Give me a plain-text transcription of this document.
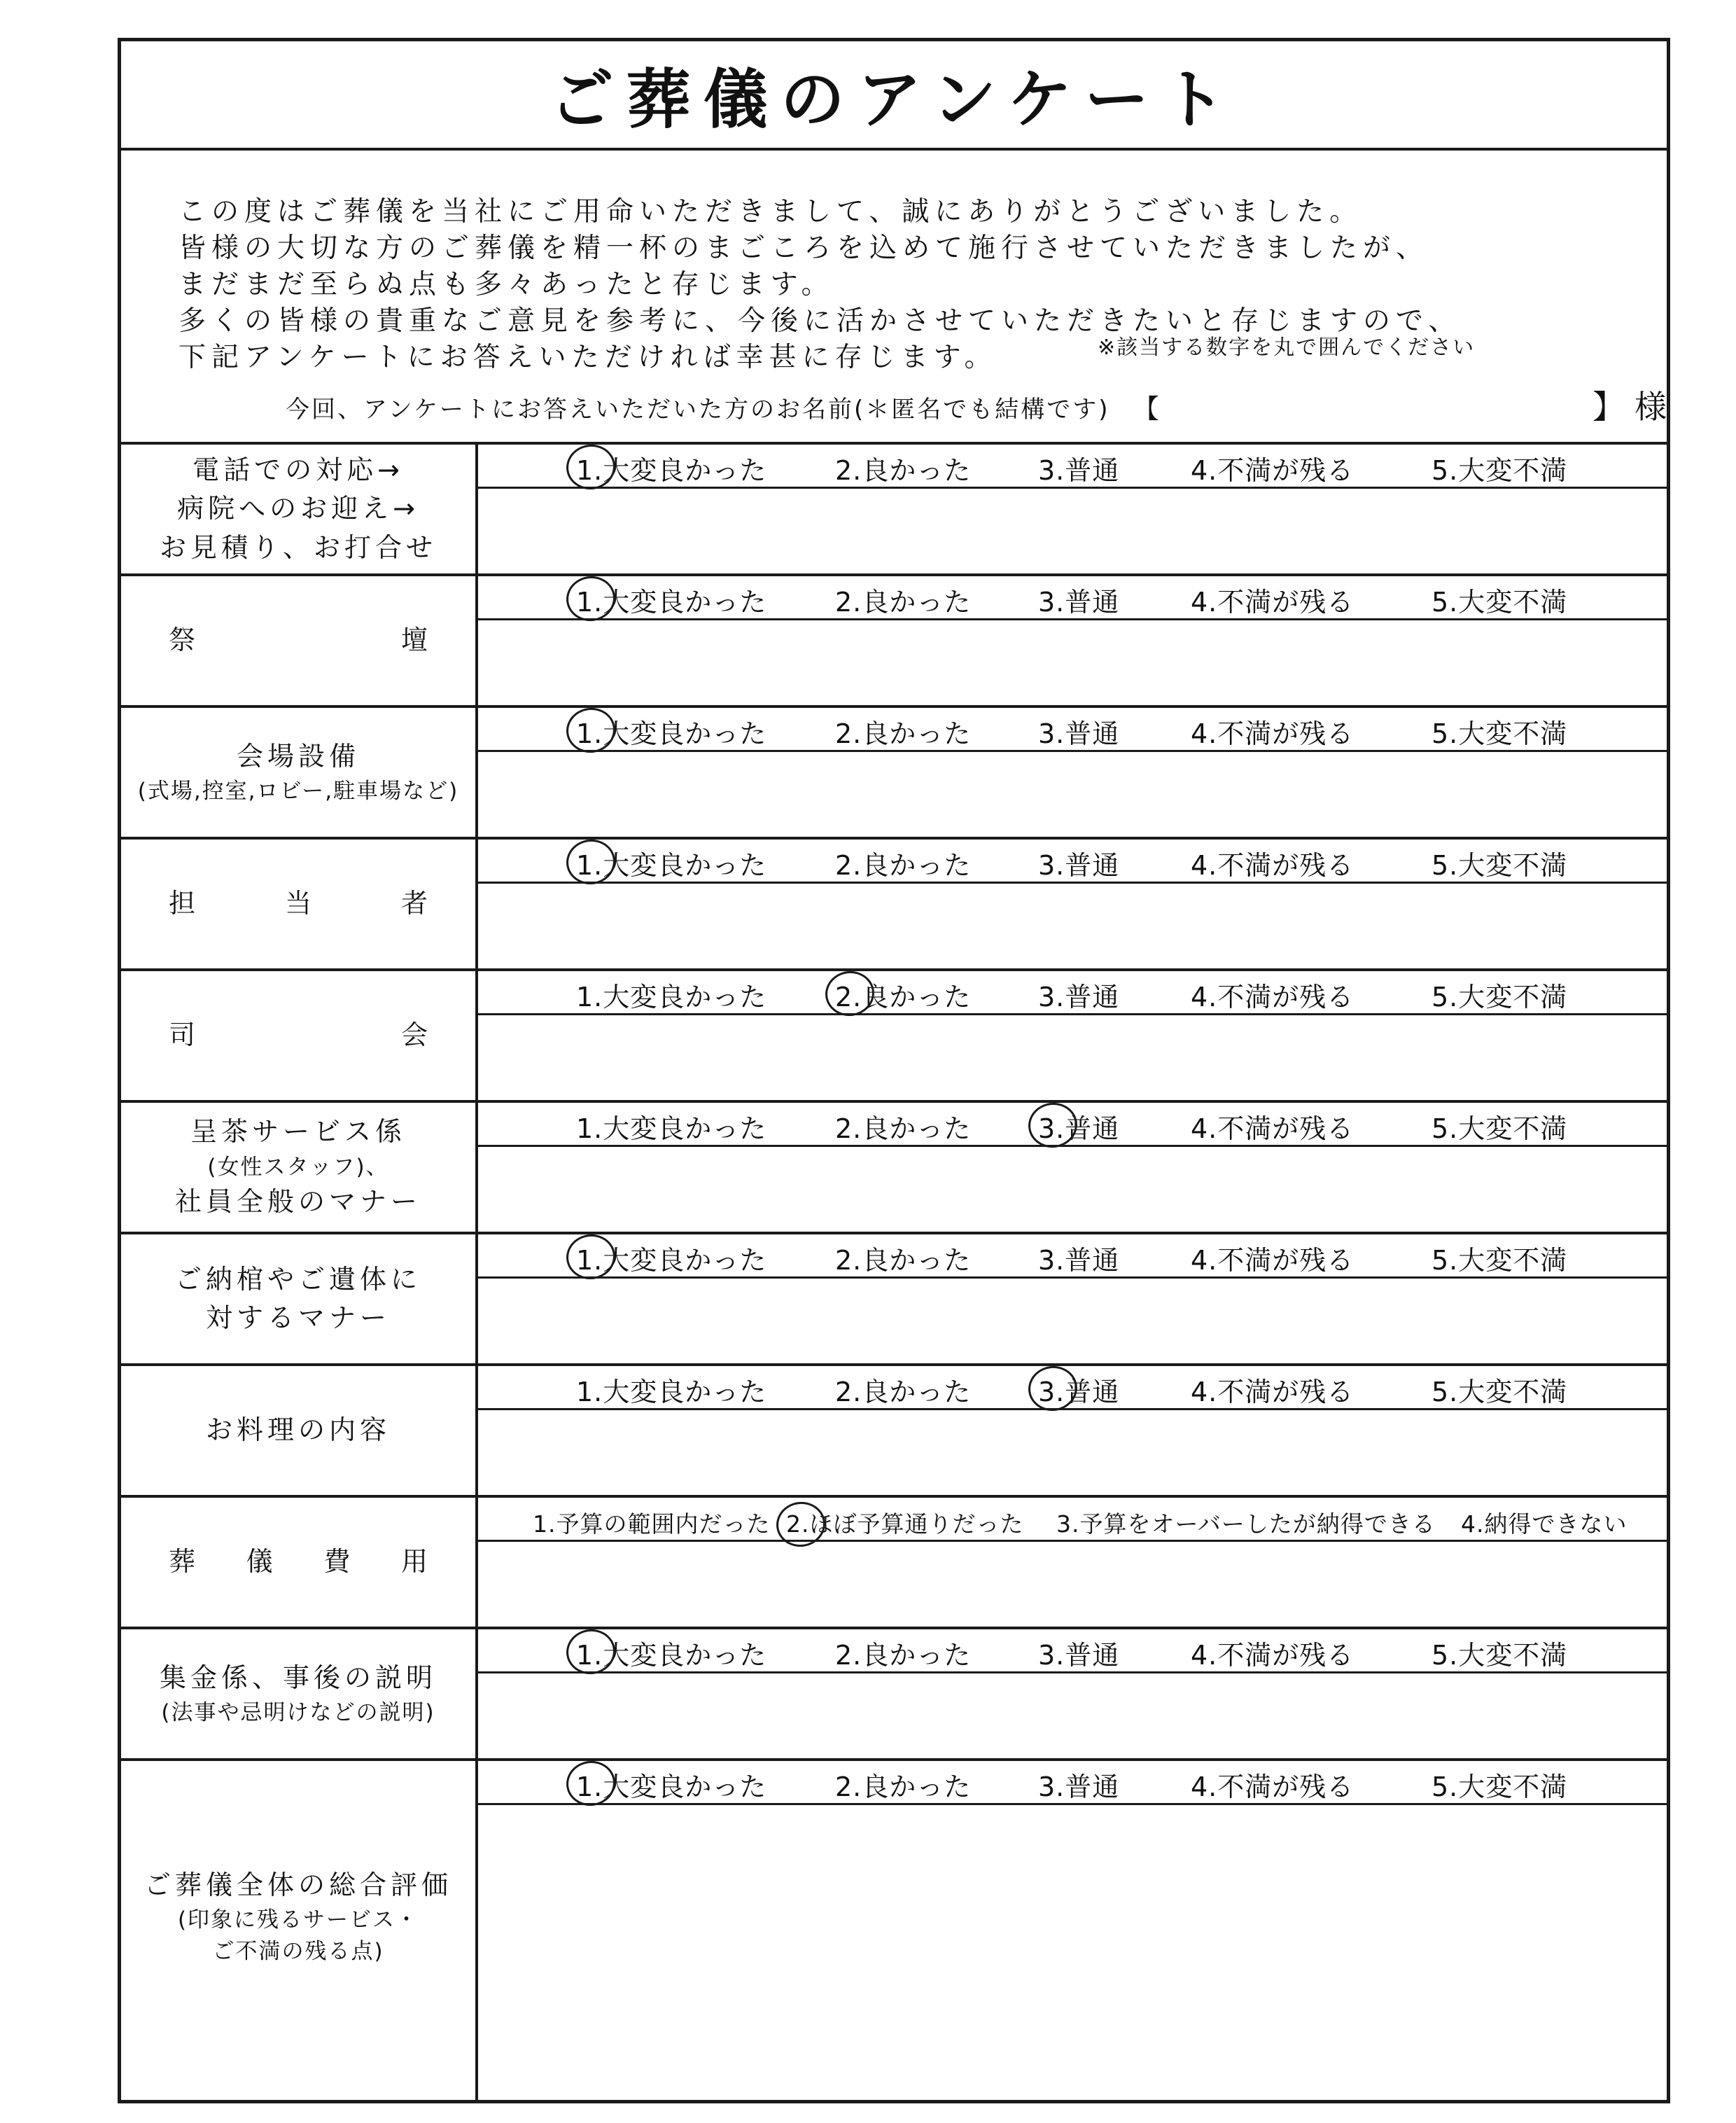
ご葬儀のアンケート
この度はご葬儀を当社にご用命いただきまして、誠にありがとうございました。
皆様の大切な方のご葬儀を精一杯のまごころを込めて施行させていただきましたが、
まだまだ至らぬ点も多々あったと存じます。
多くの皆様の貴重なご意見を参考に、今後に活かさせていただきたいと存じますので、
下記アンケートにお答えいただければ幸甚に存じます。	※該当する数字を丸で囲んでください
今回、アンケートにお答えいただいた方のお名前(＊匿名でも結構です) 【	】 様
電話での対応→
病院へのお迎え→
お見積り、お打合せ
1.大変良かった	2.良かった	3.普通	4.不満が残る	5.大変不満
祭	壇
1.大変良かった	2.良かった	3.普通	4.不満が残る	5.大変不満
会場設備
(式場,控室,ロビー,駐車場など)
1.大変良かった	2.良かった	3.普通	4.不満が残る	5.大変不満
担	当	者
1.大変良かった	2.良かった	3.普通	4.不満が残る	5.大変不満
司	会
1.大変良かった	2.良かった	3.普通	4.不満が残る	5.大変不満
呈茶サービス係
(女性スタッフ)、
社員全般のマナー
1.大変良かった	2.良かった	3.普通	4.不満が残る	5.大変不満
ご納棺やご遺体に
対するマナー
1.大変良かった	2.良かった	3.普通	4.不満が残る	5.大変不満
お料理の内容
1.大変良かった	2.良かった	3.普通	4.不満が残る	5.大変不満
葬 儀 費 用
1.予算の範囲内だった 2.ほぼ予算通りだった 3.予算をオーバーしたが納得できる 4.納得できない
集金係、事後の説明
(法事や忌明けなどの説明)
1.大変良かった	2.良かった	3.普通	4.不満が残る	5.大変不満
ご葬儀全体の総合評価
(印象に残るサービス・
ご不満の残る点)
1.大変良かった	2.良かった	3.普通	4.不満が残る	5.大変不満
